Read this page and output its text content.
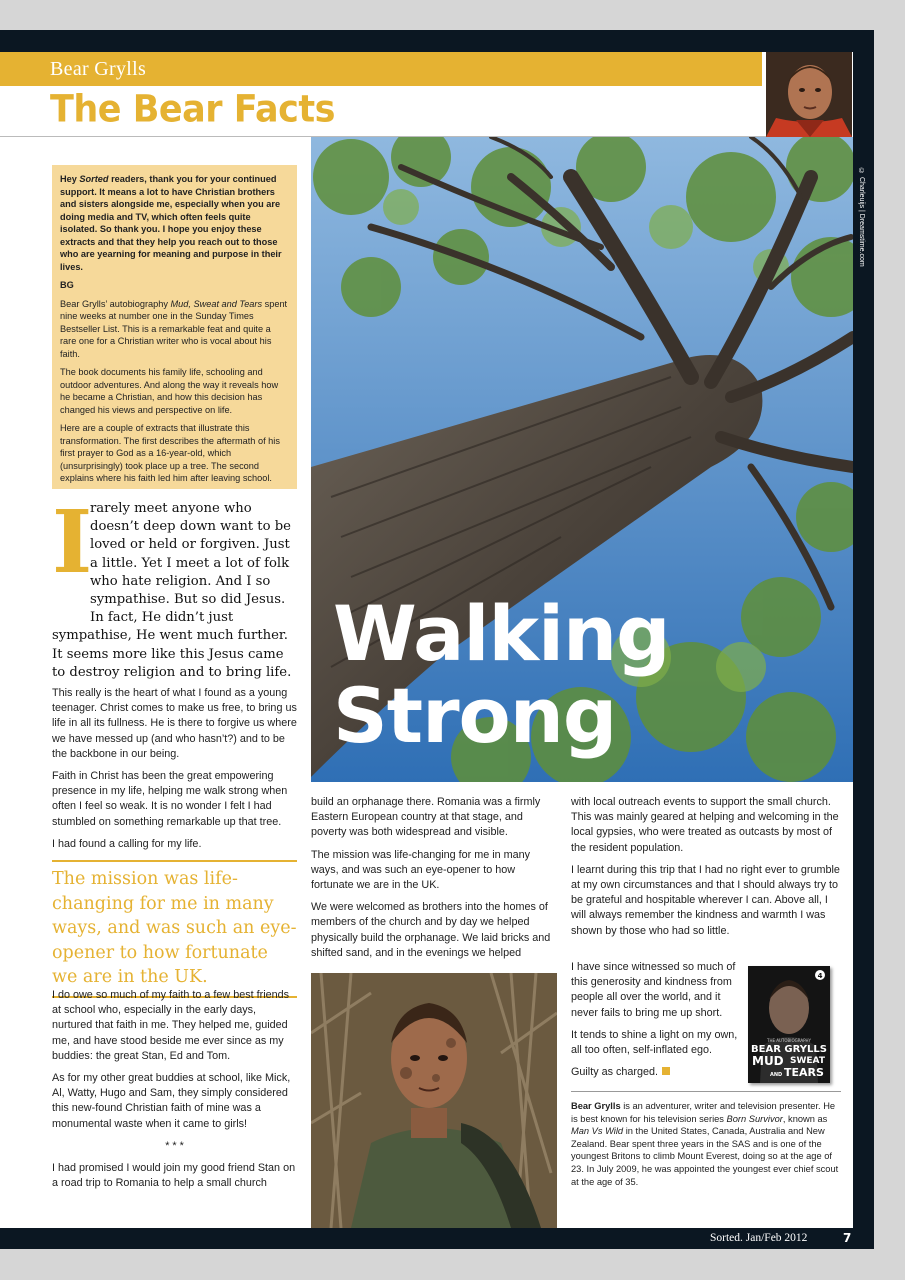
Bear Grylls
The Bear Facts
© Charleuijs | Dreamstime.com

Hey Sorted readers, thank you for your continued support. It means a lot to have Christian brothers and sisters alongside me, especially when you are doing media and TV, which often feels quite isolated. So thank you. I hope you enjoy these extracts and that they help you reach out to those who are yearning for meaning and purpose in their lives.

BG

Bear Grylls’ autobiography Mud, Sweat and Tears spent nine weeks at number one in the Sunday Times Bestseller List. This is a remarkable feat and quite a rare one for a Christian writer who is vocal about his faith.

The book documents his family life, schooling and outdoor adventures. And along the way it reveals how he became a Christian, and how this decision has changed his views and perspective on life.

Here are a couple of extracts that illustrate this transformation. The first describes the aftermath of his first prayer to God as a 16-year-old, which (unsurprisingly) took place up a tree. The second explains where his faith led him after leaving school.

Walking
Strong
I
rarely meet anyone who doesn’t deep down want to be loved or held or forgiven. Just a little. Yet I meet a lot of folk who hate religion. And I so sympathise. But so did Jesus. In fact, He didn’t just sympathise, He went much further. It seems more like this Jesus came to destroy religion and to bring life.

This really is the heart of what I found as a young teenager. Christ comes to make us free, to bring us life in all its fullness. He is there to forgive us where we have messed up (and who hasn’t?) and to be the backbone in our being.

Faith in Christ has been the great empowering presence in my life, helping me walk strong when often I feel so weak. It is no wonder I felt I had stumbled on something remarkable up that tree.

I had found a calling for my life.

The mission was life-changing for me in many ways, and was such an eye-opener to how fortunate we are in the UK.

I do owe so much of my faith to a few best friends at school who, especially in the early days, nurtured that faith in me. They helped me, guided me, and have stood beside me ever since as my buddies: the great Stan, Ed and Tom.

As for my other great buddies at school, like Mick, Al, Watty, Hugo and Sam, they simply considered this new-found Christian faith of mine was a monumental waste when it came to girls!

* * *

I had promised I would join my good friend Stan on a road trip to Romania to help a small church

build an orphanage there. Romania was a firmly Eastern European country at that stage, and poverty was both widespread and visible.

The mission was life-changing for me in many ways, and was such an eye-opener to how fortunate we are in the UK.

We were welcomed as brothers into the homes of members of the church and by day we helped physically build the orphanage. We laid bricks and shifted sand, and in the evenings we helped

with local outreach events to support the small church. This was mainly geared at helping and welcoming in the local gypsies, who were treated as outcasts by most of the resident population.

I learnt during this trip that I had no right ever to grumble at my own circumstances and that I should always try to be grateful and hospitable wherever I can. Above all, I will always remember the kindness and warmth I was shown by those who had so little.

I have since witnessed so much of this generosity and kindness from people all over the world, and it never fails to bring me up short.

It tends to shine a light on my own, all too often, self-inflated ego.

Guilty as charged.

4
THE AUTOBIOGRAPHY
BEAR GRYLLS
MUD SWEAT
AND TEARS
Bear Grylls is an adventurer, writer and television presenter. He is best known for his television series Born Survivor, known as Man Vs Wild in the United States, Canada, Australia and New Zealand. Bear spent three years in the SAS and is one of the youngest Britons to climb Mount Everest, doing so at the age of 23. In July 2009, he was appointed the youngest ever chief scout at the age of 35.
Sorted. Jan/Feb 2012	7
